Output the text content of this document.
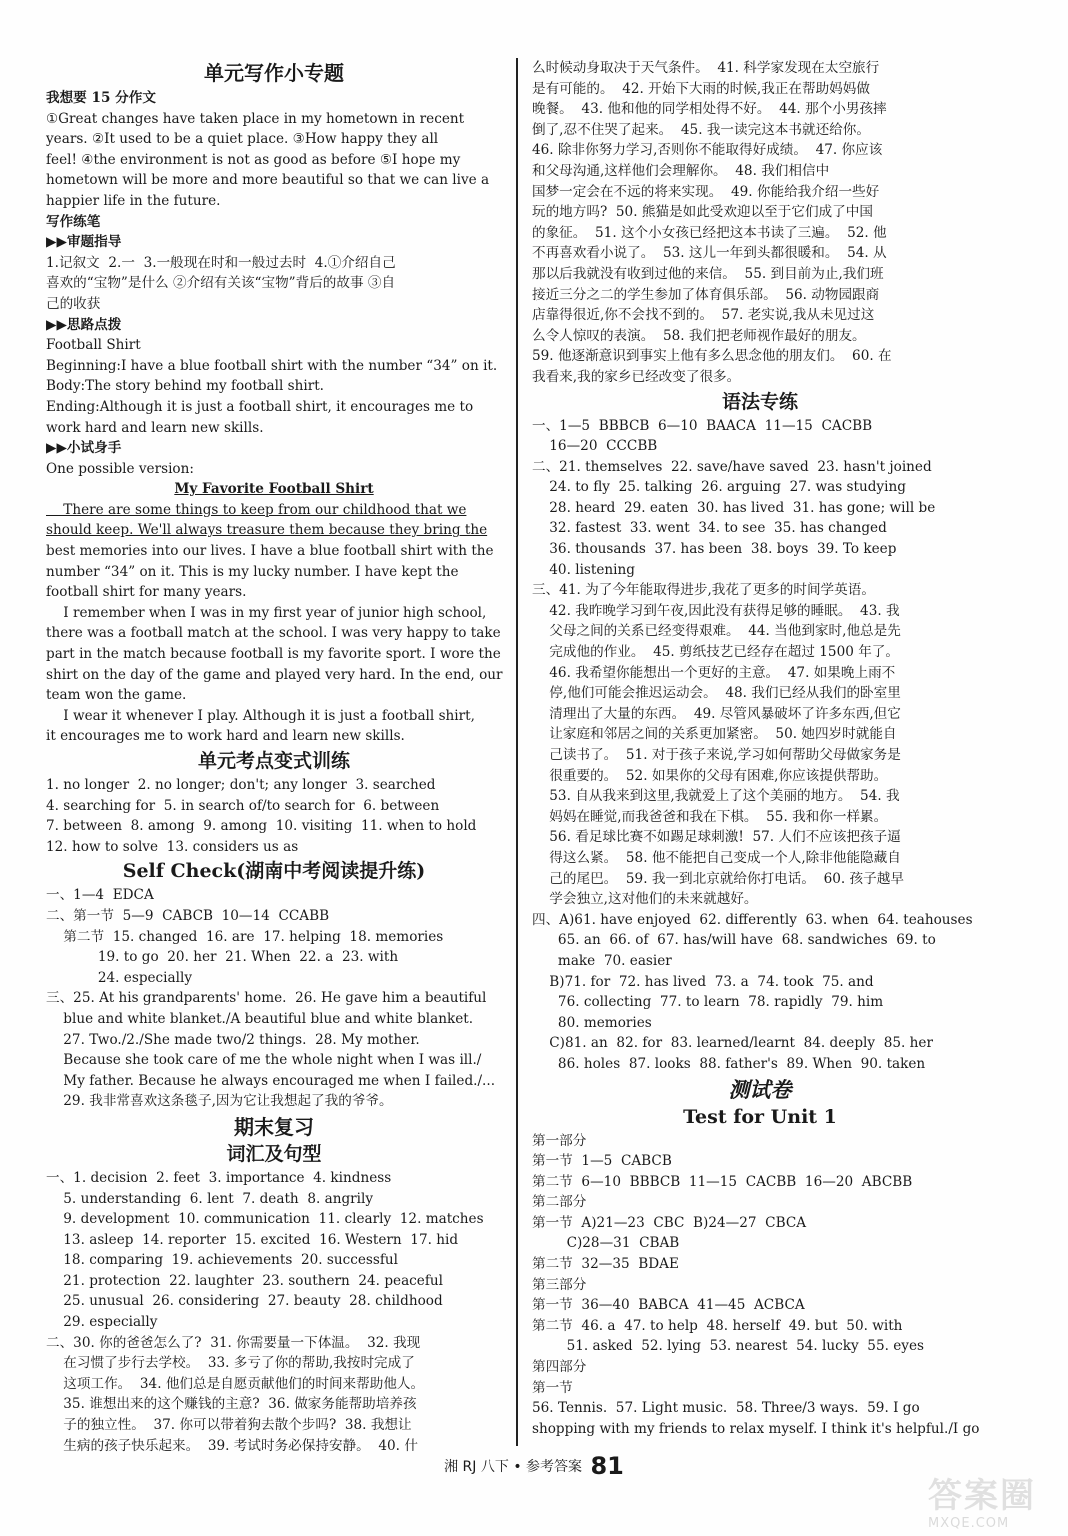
单元写作小专题
我想要 15 分作文
①Great changes have taken place in my hometown in recent
years. ②It used to be a quiet place. ③How happy they all
feel! ④the environment is not as good as before ⑤I hope my
hometown will be more and more beautiful so that we can live a
happier life in the future.
写作练笔
▶▶审题指导
1.记叙文  2.一  3.一般现在时和一般过去时  4.①介绍自己
喜欢的“宝物”是什么 ②介绍有关该“宝物”背后的故事 ③自
己的收获
▶▶思路点拨
Football Shirt
Beginning:I have a blue football shirt with the number “34” on it.
Body:The story behind my football shirt.
Ending:Although it is just a football shirt, it encourages me to
work hard and learn new skills.
▶▶小试身手
One possible version:
My Favorite Football Shirt
There are some things to keep from our childhood that we
should keep. We'll always treasure them because they bring the
best memories into our lives. I have a blue football shirt with the
number “34” on it. This is my lucky number. I have kept the
football shirt for many years.
I remember when I was in my first year of junior high school,
there was a football match at the school. I was very happy to take
part in the match because football is my favorite sport. I wore the
shirt on the day of the game and played very hard. In the end, our
team won the game.
I wear it whenever I play. Although it is just a football shirt,
it encourages me to work hard and learn new skills.
单元考点变式训练
1. no longer  2. no longer; don't; any longer  3. searched
4. searching for  5. in search of/to search for  6. between
7. between  8. among  9. among  10. visiting  11. when to hold
12. how to solve  13. considers us as
Self Check(湖南中考阅读提升练)
一、1—4  EDCA
二、第一节  5—9  CABCB  10—14  CCABB
第二节  15. changed  16. are  17. helping  18. memories
19. to go  20. her  21. When  22. a  23. with
24. especially
三、25. At his grandparents' home.  26. He gave him a beautiful
blue and white blanket./A beautiful blue and white blanket.
27. Two./2./She made two/2 things.  28. My mother.
Because she took care of me the whole night when I was ill./
My father. Because he always encouraged me when I failed./...
29. 我非常喜欢这条毯子,因为它让我想起了我的爷爷。
期末复习
词汇及句型
一、1. decision  2. feet  3. importance  4. kindness
5. understanding  6. lent  7. death  8. angrily
9. development  10. communication  11. clearly  12. matches
13. asleep  14. reporter  15. excited  16. Western  17. hid
18. comparing  19. achievements  20. successful
21. protection  22. laughter  23. southern  24. peaceful
25. unusual  26. considering  27. beauty  28. childhood
29. especially
二、30. 你的爸爸怎么了?  31. 你需要量一下体温。  32. 我现
在习惯了步行去学校。  33. 多亏了你的帮助,我按时完成了
这项工作。  34. 他们总是自愿贡献他们的时间来帮助他人。
35. 谁想出来的这个赚钱的主意?  36. 做家务能帮助培养孩
子的独立性。  37. 你可以带着狗去散个步吗?  38. 我想让
生病的孩子快乐起来。  39. 考试时务必保持安静。  40. 什
么时候动身取决于天气条件。  41. 科学家发现在太空旅行
是有可能的。  42. 开始下大雨的时候,我正在帮助妈妈做
晚餐。  43. 他和他的同学相处得不好。  44. 那个小男孩摔
倒了,忍不住哭了起来。  45. 我一读完这本书就还给你。
46. 除非你努力学习,否则你不能取得好成绩。  47. 你应该
和父母沟通,这样他们会理解你。  48. 我们相信中
国梦一定会在不远的将来实现。  49. 你能给我介绍一些好
玩的地方吗?  50. 熊猫是如此受欢迎以至于它们成了中国
的象征。  51. 这个小女孩已经把这本书读了三遍。  52. 他
不再喜欢看小说了。  53. 这儿一年到头都很暖和。  54. 从
那以后我就没有收到过他的来信。  55. 到目前为止,我们班
接近三分之二的学生参加了体育俱乐部。  56. 动物园跟商
店靠得很近,你不会找不到的。  57. 老实说,我从未见过这
么令人惊叹的表演。  58. 我们把老师视作最好的朋友。
59. 他逐渐意识到事实上他有多么思念他的朋友们。  60. 在
我看来,我的家乡已经改变了很多。
语法专练
一、1—5  BBBCB  6—10  BAACA  11—15  CACBB
16—20  CCCBB
二、21. themselves  22. save/have saved  23. hasn't joined
24. to fly  25. talking  26. arguing  27. was studying
28. heard  29. eaten  30. has lived  31. has gone; will be
32. fastest  33. went  34. to see  35. has changed
36. thousands  37. has been  38. boys  39. To keep
40. listening
三、41. 为了今年能取得进步,我花了更多的时间学英语。
42. 我昨晚学习到午夜,因此没有获得足够的睡眠。  43. 我
父母之间的关系已经变得艰难。  44. 当他到家时,他总是先
完成他的作业。  45. 剪纸技艺已经存在超过 1500 年了。
46. 我希望你能想出一个更好的主意。  47. 如果晚上雨不
停,他们可能会推迟运动会。  48. 我们已经从我们的卧室里
清理出了大量的东西。  49. 尽管风暴破坏了许多东西,但它
让家庭和邻居之间的关系更加紧密。  50. 她四岁时就能自
己读书了。  51. 对于孩子来说,学习如何帮助父母做家务是
很重要的。  52. 如果你的父母有困难,你应该提供帮助。
53. 自从我来到这里,我就爱上了这个美丽的地方。  54. 我
妈妈在睡觉,而我爸爸和我在下棋。  55. 我和你一样累。
56. 看足球比赛不如踢足球刺激!  57. 人们不应该把孩子逼
得这么紧。  58. 他不能把自己变成一个人,除非他能隐藏自
己的尾巴。  59. 我一到北京就给你打电话。  60. 孩子越早
学会独立,这对他们的未来就越好。
四、A)61. have enjoyed  62. differently  63. when  64. teahouses
65. an  66. of  67. has/will have  68. sandwiches  69. to
make  70. easier
B)71. for  72. has lived  73. a  74. took  75. and
76. collecting  77. to learn  78. rapidly  79. him
80. memories
C)81. an  82. for  83. learned/learnt  84. deeply  85. her
86. holes  87. looks  88. father's  89. When  90. taken
测试卷
Test for Unit 1
第一部分
第一节  1—5  CABCB
第二节  6—10  BBBCB  11—15  CACBB  16—20  ABCBB
第二部分
第一节  A)21—23  CBC  B)24—27  CBCA
C)28—31  CBAB
第二节  32—35  BDAE
第三部分
第一节  36—40  BABCA  41—45  ACBCA
第二节  46. a  47. to help  48. herself  49. but  50. with
51. asked  52. lying  53. nearest  54. lucky  55. eyes
第四部分
第一节
56. Tennis.  57. Light music.  58. Three/3 ways.  59. I go
shopping with my friends to relax myself. I think it's helpful./I go
湘 RJ 八下 • 参考答案 81
答案圈
MXQE.COM
